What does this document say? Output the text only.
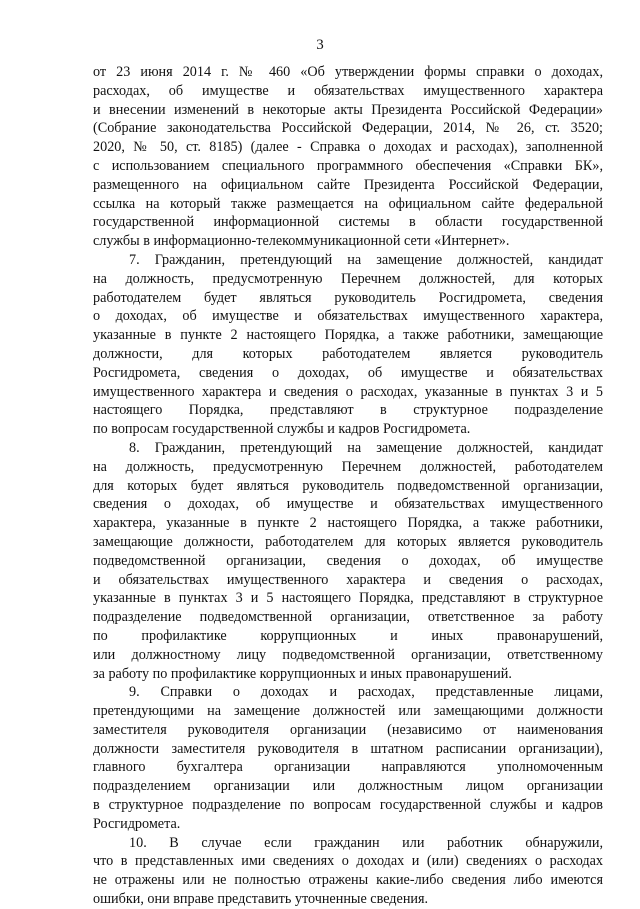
3
от 23 июня 2014 г. № 460 «Об утверждении формы справки о доходах,
расходах, об имуществе и обязательствах имущественного характера
и внесении изменений в некоторые акты Президента Российской Федерации»
(Собрание законодательства Российской Федерации, 2014, № 26, ст. 3520;
2020, № 50, ст. 8185) (далее - Справка о доходах и расходах), заполненной
с использованием специального программного обеспечения «Справки БК»,
размещенного на официальном сайте Президента Российской Федерации,
ссылка на который также размещается на официальном сайте федеральной
государственной информационной системы в области государственной
службы в информационно-телекоммуникационной сети «Интернет».
7. Гражданин, претендующий на замещение должностей, кандидат
на должность, предусмотренную Перечнем должностей, для которых
работодателем будет являться руководитель Росгидромета, сведения
о доходах, об имуществе и обязательствах имущественного характера,
указанные в пункте 2 настоящего Порядка, а также работники, замещающие
должности, для которых работодателем является руководитель
Росгидромета, сведения о доходах, об имуществе и обязательствах
имущественного характера и сведения о расходах, указанные в пунктах 3 и 5
настоящего Порядка, представляют в структурное подразделение
по вопросам государственной службы и кадров Росгидромета.
8. Гражданин, претендующий на замещение должностей, кандидат
на должность, предусмотренную Перечнем должностей, работодателем
для которых будет являться руководитель подведомственной организации,
сведения о доходах, об имуществе и обязательствах имущественного
характера, указанные в пункте 2 настоящего Порядка, а также работники,
замещающие должности, работодателем для которых является руководитель
подведомственной организации, сведения о доходах, об имуществе
и обязательствах имущественного характера и сведения о расходах,
указанные в пунктах 3 и 5 настоящего Порядка, представляют в структурное
подразделение подведомственной организации, ответственное за работу
по профилактике коррупционных и иных правонарушений,
или должностному лицу подведомственной организации, ответственному
за работу по профилактике коррупционных и иных правонарушений.
9. Справки о доходах и расходах, представленные лицами,
претендующими на замещение должностей или замещающими должности
заместителя руководителя организации (независимо от наименования
должности заместителя руководителя в штатном расписании организации),
главного бухгалтера организации направляются уполномоченным
подразделением организации или должностным лицом организации
в структурное подразделение по вопросам государственной службы и кадров
Росгидромета.
10. В случае если гражданин или работник обнаружили,
что в представленных ими сведениях о доходах и (или) сведениях о расходах
не отражены или не полностью отражены какие-либо сведения либо имеются
ошибки, они вправе представить уточненные сведения.
